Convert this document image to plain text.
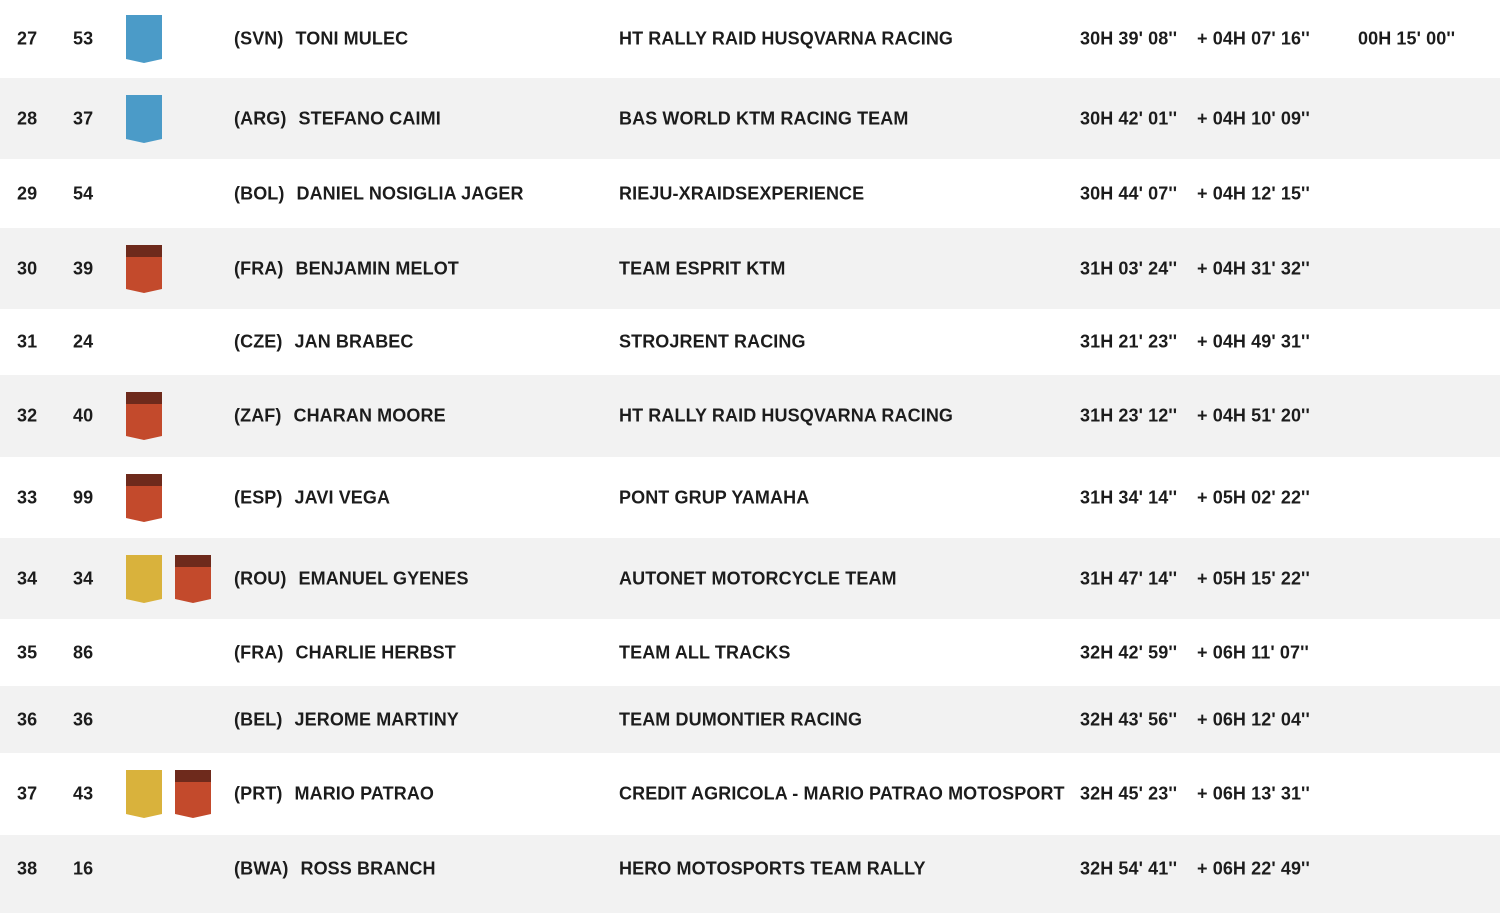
27 53	(SVN) TONI MULEC	HT RALLY RAID HUSQVARNA RACING	30H 39' 08'' + 04H 07' 16''	00H 15' 00''
28 37	(ARG) STEFANO CAIMI	BAS WORLD KTM RACING TEAM	30H 42' 01'' + 04H 10' 09''
29 54	(BOL) DANIEL NOSIGLIA JAGER	RIEJU-XRAIDSEXPERIENCE	30H 44' 07'' + 04H 12' 15''
30 39	(FRA) BENJAMIN MELOT	TEAM ESPRIT KTM	31H 03' 24'' + 04H 31' 32''
31 24	(CZE) JAN BRABEC	STROJRENT RACING	31H 21' 23'' + 04H 49' 31''
32 40	(ZAF) CHARAN MOORE	HT RALLY RAID HUSQVARNA RACING	31H 23' 12'' + 04H 51' 20''
33 99	(ESP) JAVI VEGA	PONT GRUP YAMAHA	31H 34' 14'' + 05H 02' 22''
34 34	(ROU) EMANUEL GYENES	AUTONET MOTORCYCLE TEAM	31H 47' 14'' + 05H 15' 22''
35 86	(FRA) CHARLIE HERBST	TEAM ALL TRACKS	32H 42' 59'' + 06H 11' 07''
36 36	(BEL) JEROME MARTINY	TEAM DUMONTIER RACING	32H 43' 56'' + 06H 12' 04''
37 43	(PRT) MARIO PATRAO	CREDIT AGRICOLA - MARIO PATRAO MOTOSPORT 32H 45' 23'' + 06H 13' 31''
38 16	(BWA) ROSS BRANCH	HERO MOTOSPORTS TEAM RALLY	32H 54' 41'' + 06H 22' 49''
